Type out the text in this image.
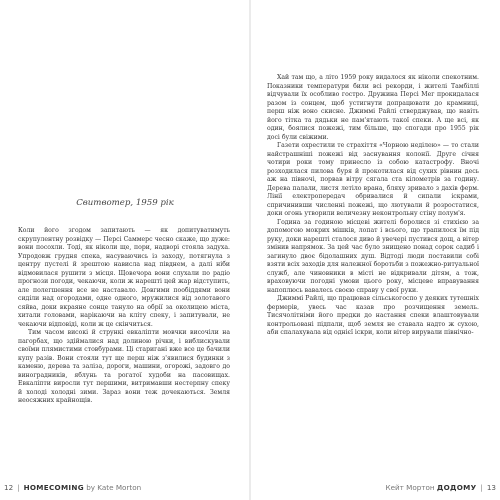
Свитвотер, 1959 рік

Коли його згодом запитають — як допитуватимуть скрупулентну розвідку — Персі Саммерс чесно скаже, що дуже: вони посохли. Тоді, як ніколи ще, пори, надворі стояла задуха. Упродовж грудня спека, насуваючись із заходу, потягнула з центру пустелі й зрештою нависла над півднем, а далі ніби відмовилася рушити з місця. Щовечора вони слухали по радіо прогнози погоди, чекаючи, коли ж нарешті цей жар відступить, але полегшення все не наставало. Довгими пообіддями вони сиділи над огородами, одне одного, мружилися від золотавого сяйва, доки вкраяне сонце тануло на обрії за околицею міста, хитали головами, нарікаючи на кліту спеку, і запитували, не чекаючи відповіді, коли ж це скінчиться.

Тим часом високі й стрункі евкаліпти мовчки височіли на пагорбах, що здіймалися над долиною річки, і виблискували своїми плямистими стовбурами. Ці старигані вже все це бачили купу разів. Вони стояли тут ще перш ніж з'явилися будинки з каменю, дерева та заліза, дороги, машини, огорожі, задовго до виноградників, яблунь та рогатої худоби на пасовищах. Евкаліпти виросли тут першими, витримавши нестерпну спеку й холоді холодні зими. Зараз вони теж дочекаються. Земля неосяжних крайнощів.

12 | HOMECOMING by Kate Morton

Хай там що, а літо 1959 року видалося як ніколи спекотним. Показники температури били всі рекорди, і жителі Тамбіллі відчували їх особливо гостро. Дружина Персі Мег прокидалася разом із сонцем, щоб устигнути допрацювати до крамниці, перш ніж воно скисне. Джиммі Райлі стверджував, що навіть його тітка та дядьки не пам'ятають такої спеки. А ще всі, як один, боялися пожежі, тим більше, що спогади про 1955 рік досі були свіжими.

Газети охрестили те страхіття «Чорною неділею» — то стали найстрашніші пожежі від заснування колонії. Друге січня чотири роки тому принесло із собою катастрофу. Вночі розходилася пилова буря й прокотилася від сухих рівнин десь аж на півночі, порвав вітру сягала ста кілометрів за годину. Дерева палали, листя летіло врана, бляху зривало з дахів ферм. Лінії електропередач обривалися й сипали іскрами, спричинивши численні пожежі, що лютували й розростатися, доки огонь утворили величезну неконтрольну стіну полум'я.

Година за годиною місцеві жителі боролися зі стихією за допомогою мокрих мішків, лопат і всього, що трапилося їм під руку, доки нарешті сталося диво й увечері пустився дощ, а вітер змінив напрямок. За цей час було знищено понад сорок садиб і загинуло двоє бідолашних душ. Відтоді люди поставили собі взяти всіх заходів для належної боротьби з пожежно-ритуальної служб, але чиновники в місті не відкривали дітям, а тож, враховуючи погодні умови цього року, місцеве вправування напоплюсь вавалесь своєю справу у свої руки.

Джиммі Райлі, що працював сільськогоспо у деяких тутешніх фермерів, увесь час казав про розчищення земель. Тисячолітніми його предки до настання спеки влаштовували контрольовані підпали, щоб земля не ставала надто ж сухою, аби спалахувала від однієї іскри, коли вітер вирували північно-

Кейт Мортон ДОДОМУ | 13
